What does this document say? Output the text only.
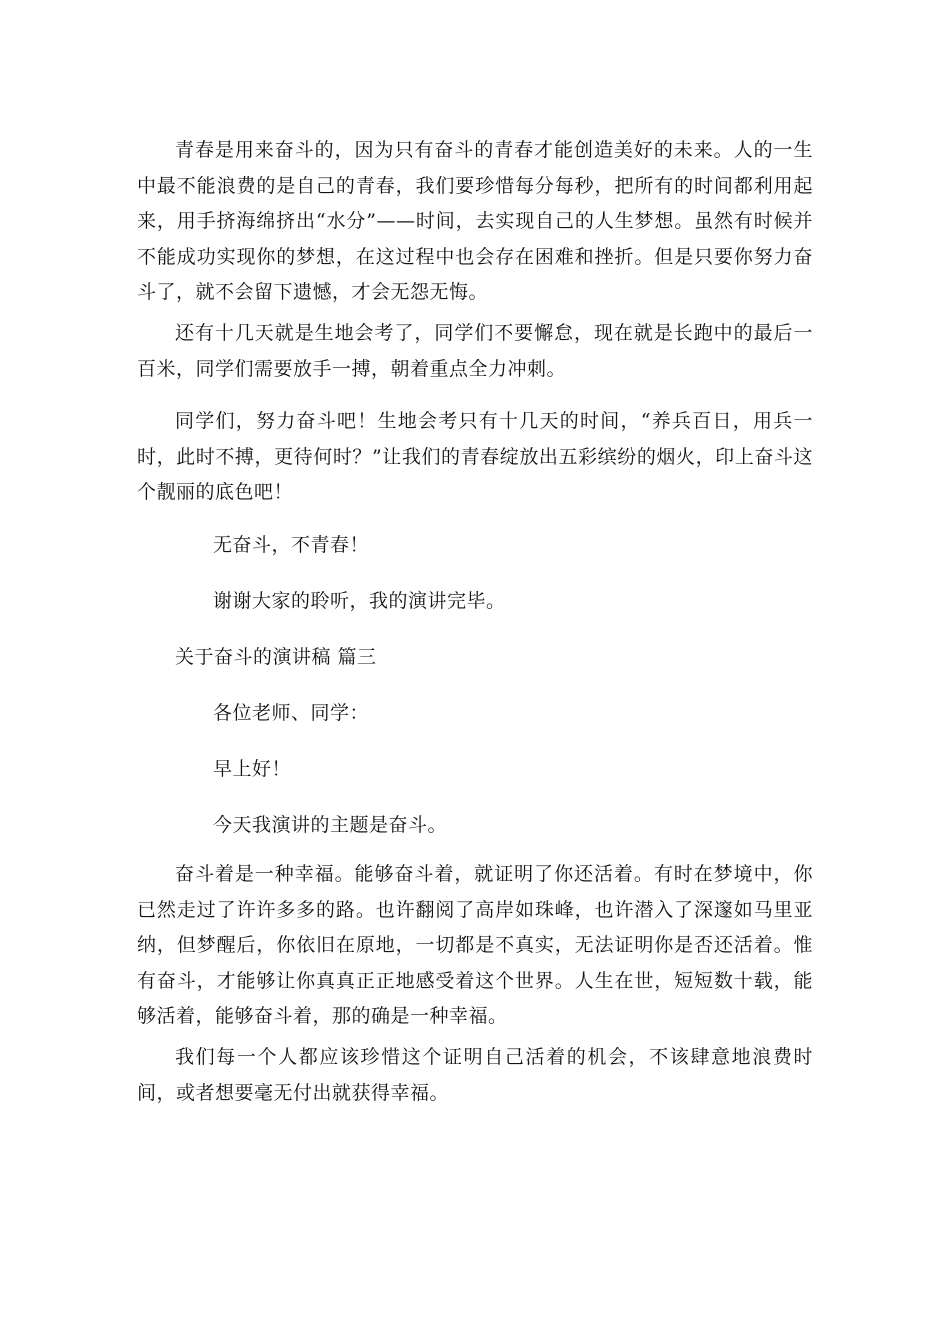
青春是用来奋斗的，因为只有奋斗的青春才能创造美好的未来。人的一生中最不能浪费的是自己的青春，我们要珍惜每分每秒，把所有的时间都利用起来，用手挤海绵挤出“水分”——时间，去实现自己的人生梦想。虽然有时候并不能成功实现你的梦想，在这过程中也会存在困难和挫折。但是只要你努力奋斗了，就不会留下遗憾，才会无怨无悔。

还有十几天就是生地会考了，同学们不要懈怠，现在就是长跑中的最后一百米，同学们需要放手一搏，朝着重点全力冲刺。

同学们，努力奋斗吧！生地会考只有十几天的时间，“养兵百日，用兵一时，此时不搏，更待何时？”让我们的青春绽放出五彩缤纷的烟火，印上奋斗这个靓丽的底色吧！

无奋斗，不青春！

谢谢大家的聆听，我的演讲完毕。

关于奋斗的演讲稿 篇三

各位老师、同学：

早上好！

今天我演讲的主题是奋斗。

奋斗着是一种幸福。能够奋斗着，就证明了你还活着。有时在梦境中，你已然走过了许许多多的路。也许翻阅了高岸如珠峰，也许潜入了深邃如马里亚纳，但梦醒后，你依旧在原地，一切都是不真实，无法证明你是否还活着。惟有奋斗，才能够让你真真正正地感受着这个世界。人生在世，短短数十载，能够活着，能够奋斗着，那的确是一种幸福。

我们每一个人都应该珍惜这个证明自己活着的机会，不该肆意地浪费时间，或者想要毫无付出就获得幸福。
